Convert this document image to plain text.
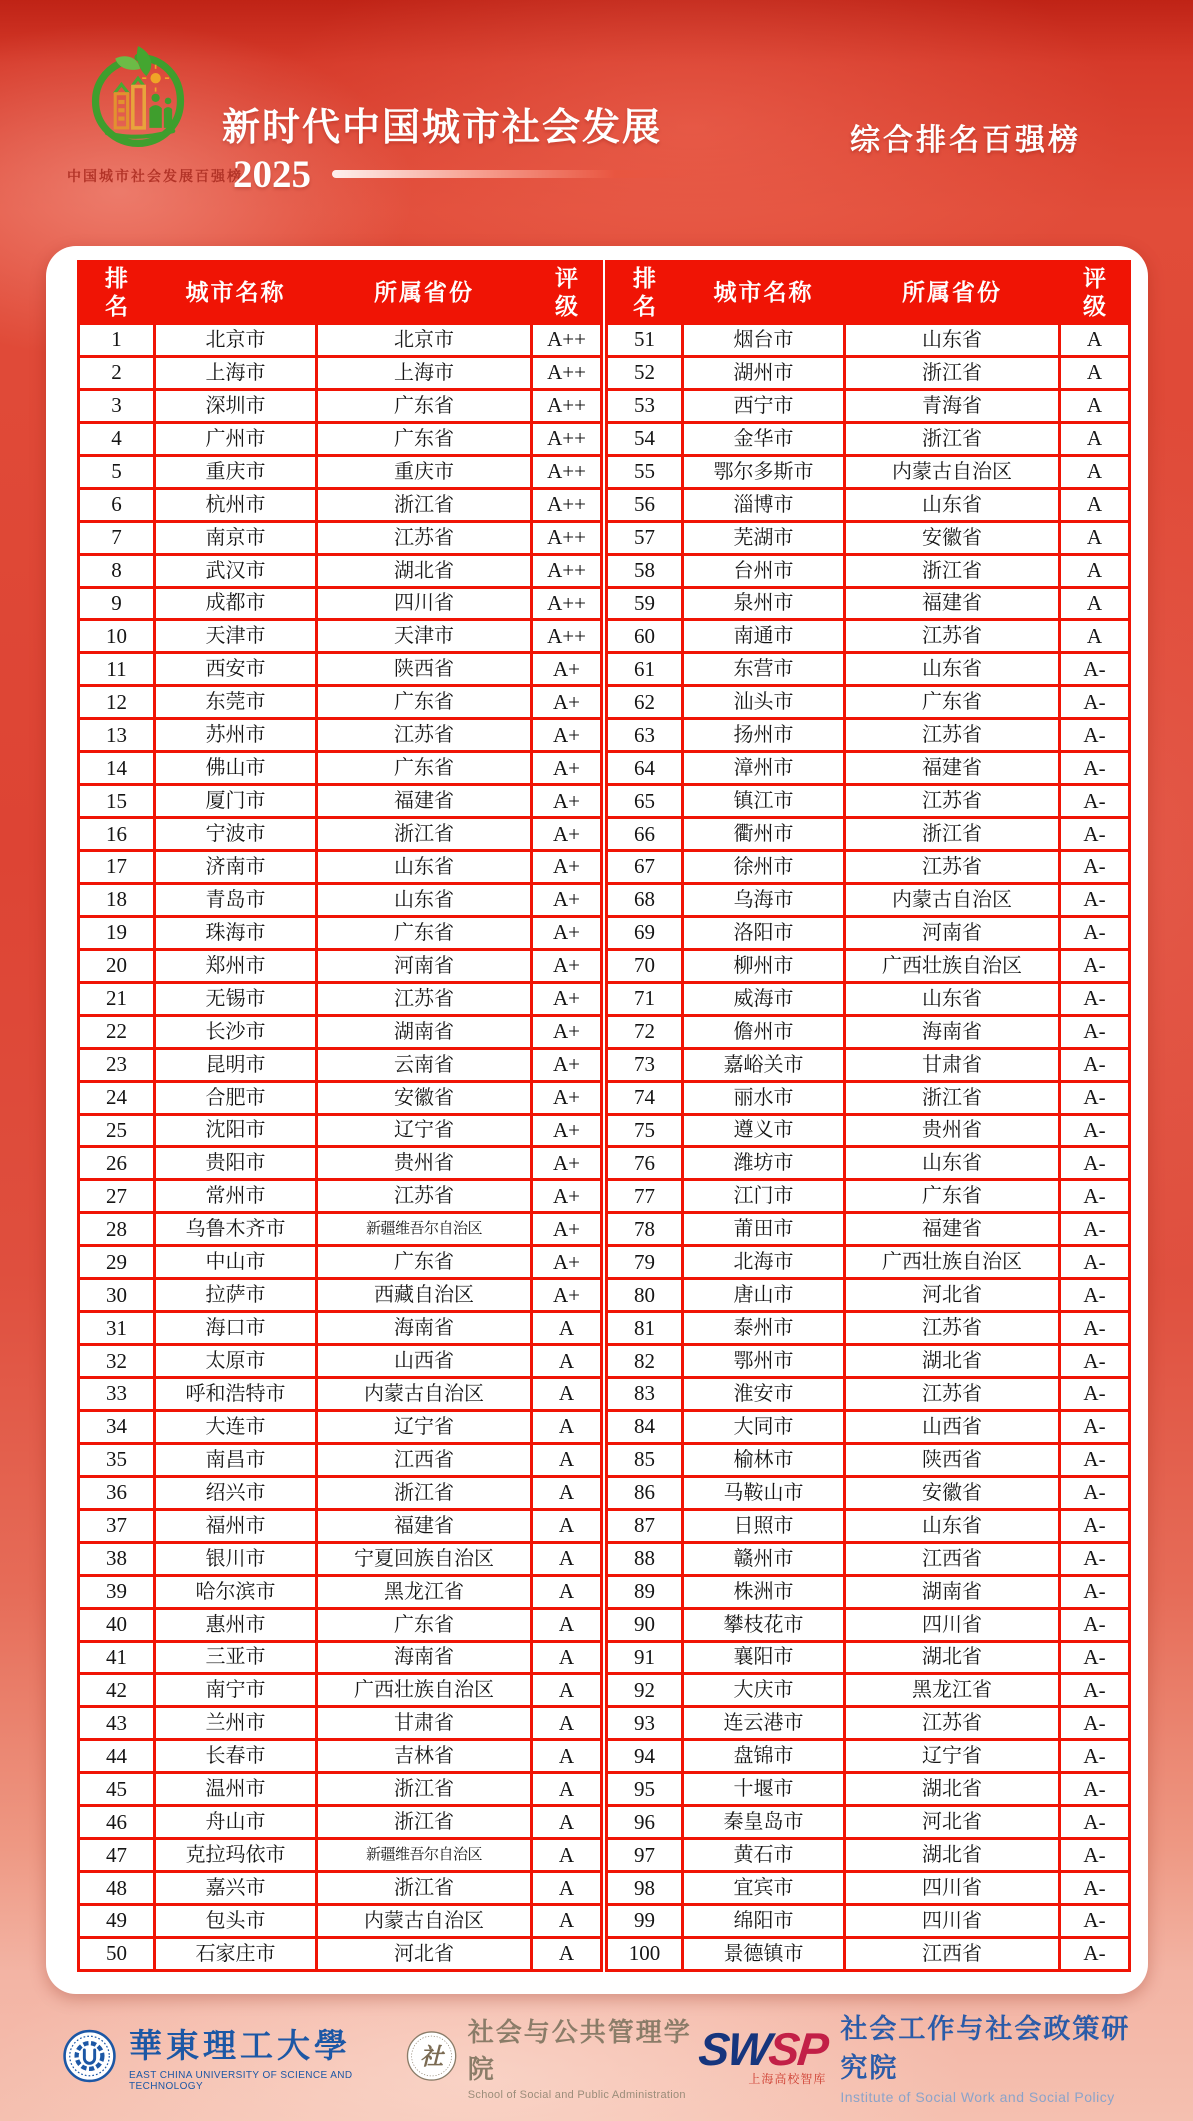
中国城市社会发展百强榜
新时代中国城市社会发展
2025
综合排名百强榜
排名	城市名称	所属省份	评级
1	北京市	北京市	A++
2	上海市	上海市	A++
3	深圳市	广东省	A++
4	广州市	广东省	A++
5	重庆市	重庆市	A++
6	杭州市	浙江省	A++
7	南京市	江苏省	A++
8	武汉市	湖北省	A++
9	成都市	四川省	A++
10	天津市	天津市	A++
11	西安市	陕西省	A+
12	东莞市	广东省	A+
13	苏州市	江苏省	A+
14	佛山市	广东省	A+
15	厦门市	福建省	A+
16	宁波市	浙江省	A+
17	济南市	山东省	A+
18	青岛市	山东省	A+
19	珠海市	广东省	A+
20	郑州市	河南省	A+
21	无锡市	江苏省	A+
22	长沙市	湖南省	A+
23	昆明市	云南省	A+
24	合肥市	安徽省	A+
25	沈阳市	辽宁省	A+
26	贵阳市	贵州省	A+
27	常州市	江苏省	A+
28	乌鲁木齐市	新疆维吾尔自治区	A+
29	中山市	广东省	A+
30	拉萨市	西藏自治区	A+
31	海口市	海南省	A
32	太原市	山西省	A
33	呼和浩特市	内蒙古自治区	A
34	大连市	辽宁省	A
35	南昌市	江西省	A
36	绍兴市	浙江省	A
37	福州市	福建省	A
38	银川市	宁夏回族自治区	A
39	哈尔滨市	黑龙江省	A
40	惠州市	广东省	A
41	三亚市	海南省	A
42	南宁市	广西壮族自治区	A
43	兰州市	甘肃省	A
44	长春市	吉林省	A
45	温州市	浙江省	A
46	舟山市	浙江省	A
47	克拉玛依市	新疆维吾尔自治区	A
48	嘉兴市	浙江省	A
49	包头市	内蒙古自治区	A
50	石家庄市	河北省	A
排名	城市名称	所属省份	评级
51	烟台市	山东省	A
52	湖州市	浙江省	A
53	西宁市	青海省	A
54	金华市	浙江省	A
55	鄂尔多斯市	内蒙古自治区	A
56	淄博市	山东省	A
57	芜湖市	安徽省	A
58	台州市	浙江省	A
59	泉州市	福建省	A
60	南通市	江苏省	A
61	东营市	山东省	A-
62	汕头市	广东省	A-
63	扬州市	江苏省	A-
64	漳州市	福建省	A-
65	镇江市	江苏省	A-
66	衢州市	浙江省	A-
67	徐州市	江苏省	A-
68	乌海市	内蒙古自治区	A-
69	洛阳市	河南省	A-
70	柳州市	广西壮族自治区	A-
71	威海市	山东省	A-
72	儋州市	海南省	A-
73	嘉峪关市	甘肃省	A-
74	丽水市	浙江省	A-
75	遵义市	贵州省	A-
76	潍坊市	山东省	A-
77	江门市	广东省	A-
78	莆田市	福建省	A-
79	北海市	广西壮族自治区	A-
80	唐山市	河北省	A-
81	泰州市	江苏省	A-
82	鄂州市	湖北省	A-
83	淮安市	江苏省	A-
84	大同市	山西省	A-
85	榆林市	陕西省	A-
86	马鞍山市	安徽省	A-
87	日照市	山东省	A-
88	赣州市	江西省	A-
89	株洲市	湖南省	A-
90	攀枝花市	四川省	A-
91	襄阳市	湖北省	A-
92	大庆市	黑龙江省	A-
93	连云港市	江苏省	A-
94	盘锦市	辽宁省	A-
95	十堰市	湖北省	A-
96	秦皇岛市	河北省	A-
97	黄石市	湖北省	A-
98	宜宾市	四川省	A-
99	绵阳市	四川省	A-
100	景德镇市	江西省	A-
華東理工大學
EAST CHINA UNIVERSITY OF SCIENCE AND TECHNOLOGY
社
社会与公共管理学院
School of Social and Public Administration
SWSP
上海高校智库
社会工作与社会政策研究院
Institute of Social Work and Social Policy
